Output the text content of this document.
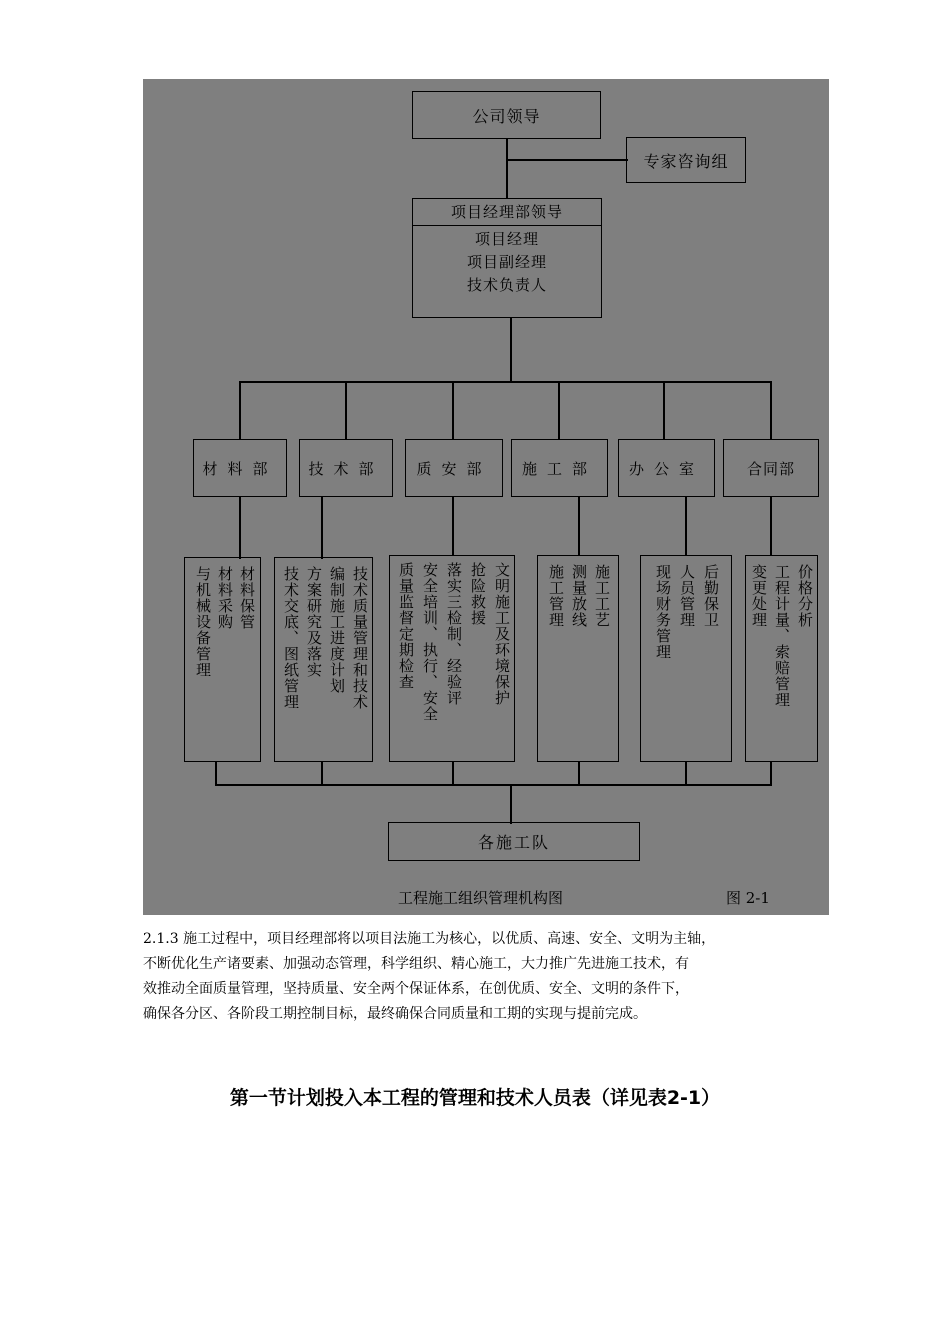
公司领导
专家咨询组
项目经理部领导
项目经理
项目副经理
技术负责人
材料部	技术部	质安部	施工部	办公室	合同部
与机械设备管理 材料采购 材料保管 技术交底、图纸管理 方案研究及落实 编制施工进度计划 技术质量管理和技术 质量监督定期检查 安全培训、执行、安全 落实三检制、经验评 抢险救援 文明施工及环境保护 施工管理 测量放线 施工工艺	现场财务管理 人员管理 后勤保卫 变更处理 工程计量、索赔管理 价格分析
各施工队
工程施工组织管理机构图	图 2-1

2.1.3 施工过程中，项目经理部将以项目法施工为核心，以优质、高速、安全、文明为主轴，

不断优化生产诸要素、加强动态管理，科学组织、精心施工，大力推广先进施工技术，有

效推动全面质量管理，坚持质量、安全两个保证体系，在创优质、安全、文明的条件下，

确保各分区、各阶段工期控制目标，最终确保合同质量和工期的实现与提前完成。

第一节计划投入本工程的管理和技术人员表（详见表2-1）
